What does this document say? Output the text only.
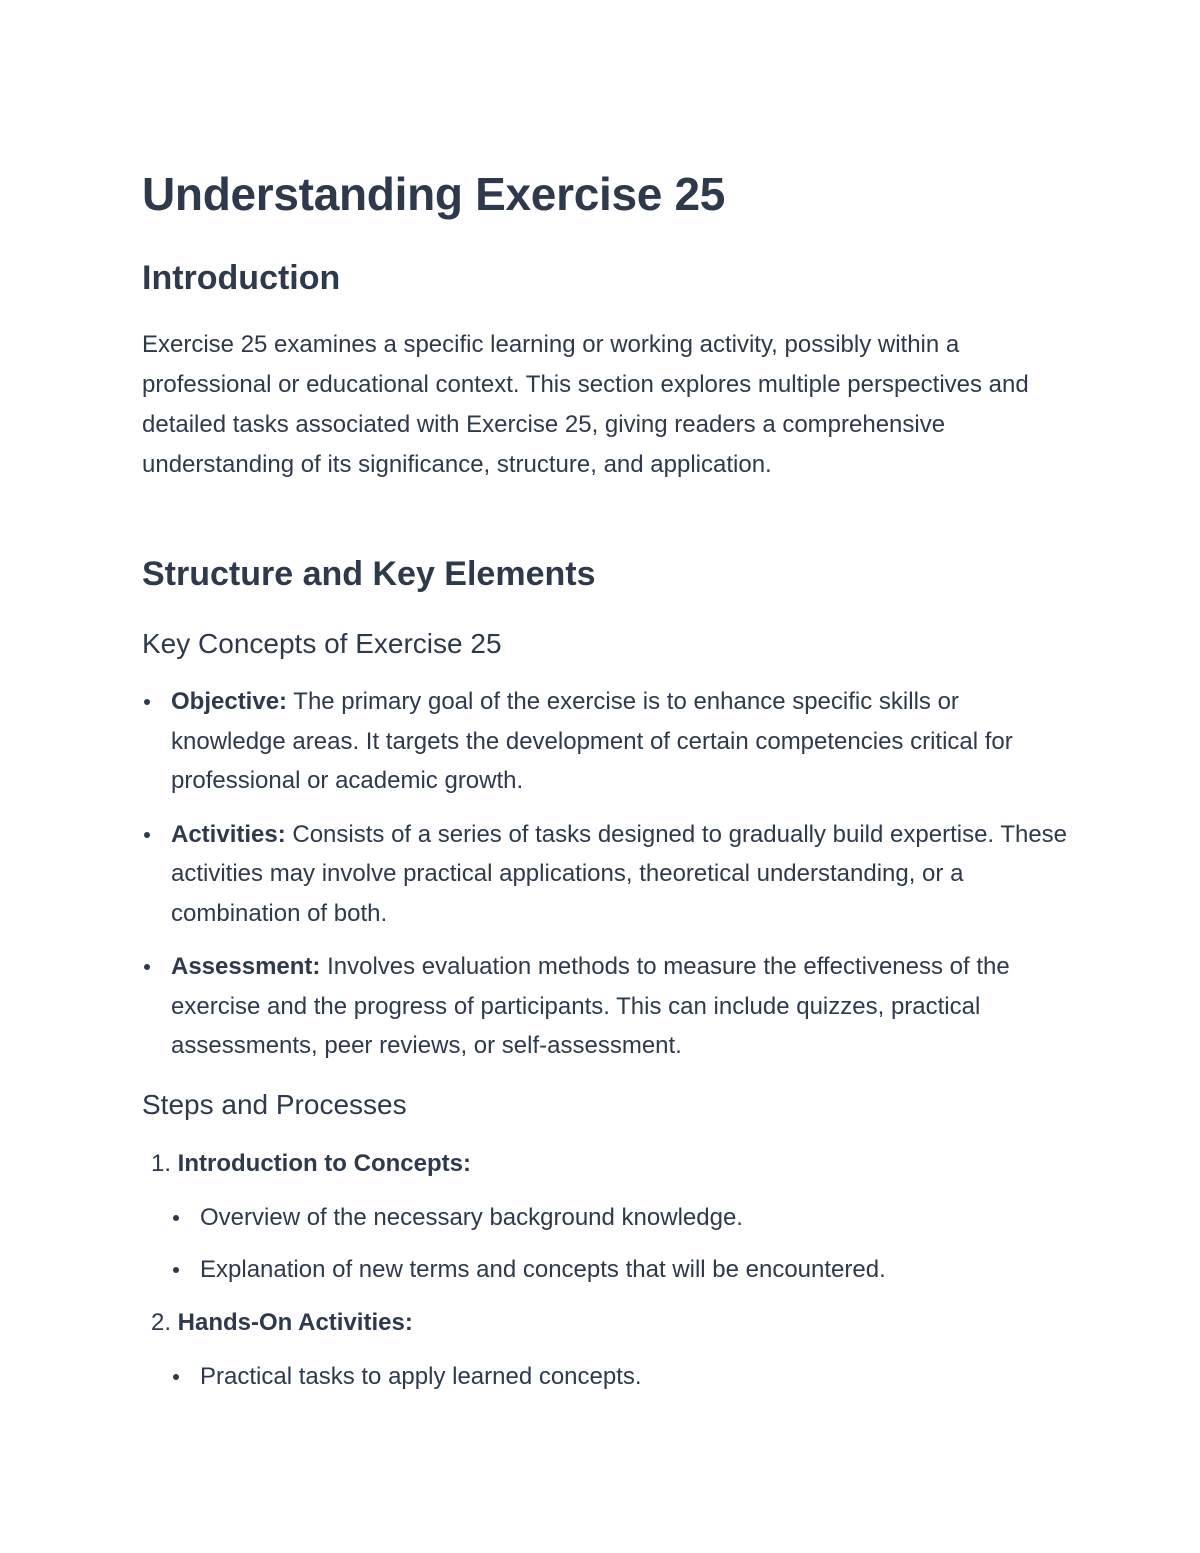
Understanding Exercise 25
Introduction

Exercise 25 examines a specific learning or working activity, possibly within a professional or educational context. This section explores multiple perspectives and detailed tasks associated with Exercise 25, giving readers a comprehensive understanding of its significance, structure, and application.

Structure and Key Elements
Key Concepts of Exercise 25
Objective: The primary goal of the exercise is to enhance specific skills or knowledge areas. It targets the development of certain competencies critical for professional or academic growth.
Activities: Consists of a series of tasks designed to gradually build expertise. These activities may involve practical applications, theoretical understanding, or a combination of both.
Assessment: Involves evaluation methods to measure the effectiveness of the exercise and the progress of participants. This can include quizzes, practical assessments, peer reviews, or self-assessment.
Steps and Processes
1. Introduction to Concepts:
Overview of the necessary background knowledge.
Explanation of new terms and concepts that will be encountered.
2. Hands-On Activities:
Practical tasks to apply learned concepts.
